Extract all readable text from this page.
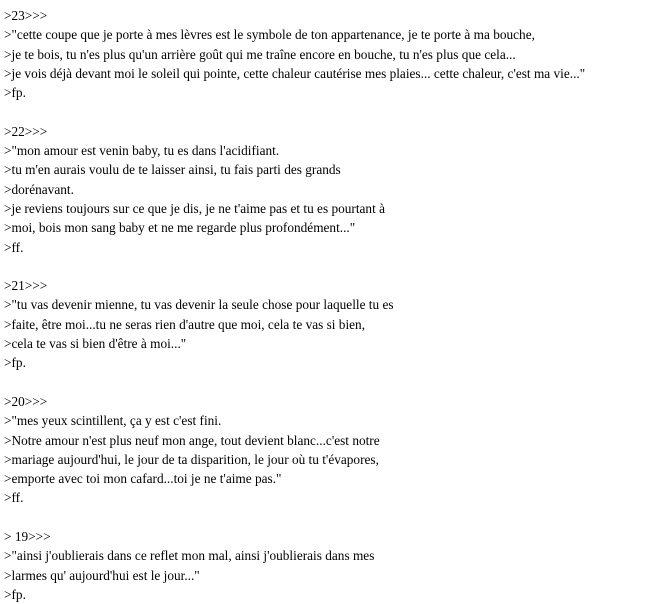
>23>>>
>"cette coupe que je porte à mes lèvres est le symbole de ton appartenance, je te porte à ma bouche,
>je te bois, tu n'es plus qu'un arrière goût qui me traîne encore en bouche, tu n'es plus que cela...
>je vois déjà devant moi le soleil qui pointe, cette chaleur cautérise mes plaies... cette chaleur, c'est ma vie..."
>fp.
>22>>>
>"mon amour est venin baby, tu es dans l'acidifiant.
>tu m'en aurais voulu de te laisser ainsi, tu fais parti des grands
>dorénavant.
>je reviens toujours sur ce que je dis, je ne t'aime pas et tu es pourtant à
>moi, bois mon sang baby et ne me regarde plus profondément..."
>ff.
>21>>>
>"tu vas devenir mienne, tu vas devenir la seule chose pour laquelle tu es
>faite, être moi...tu ne seras rien d'autre que moi, cela te vas si bien,
>cela te vas si bien d'être à moi..."
>fp.
>20>>>
>"mes yeux scintillent, ça y est c'est fini.
>Notre amour n'est plus neuf mon ange, tout devient blanc...c'est notre
>mariage aujourd'hui, le jour de ta disparition, le jour où tu t'évapores,
>emporte avec toi mon cafard...toi je ne t'aime pas."
>ff.
> 19>>>
>"ainsi j'oublierais dans ce reflet mon mal, ainsi j'oublierais dans mes
>larmes qu' aujourd'hui est le jour..."
>fp.
